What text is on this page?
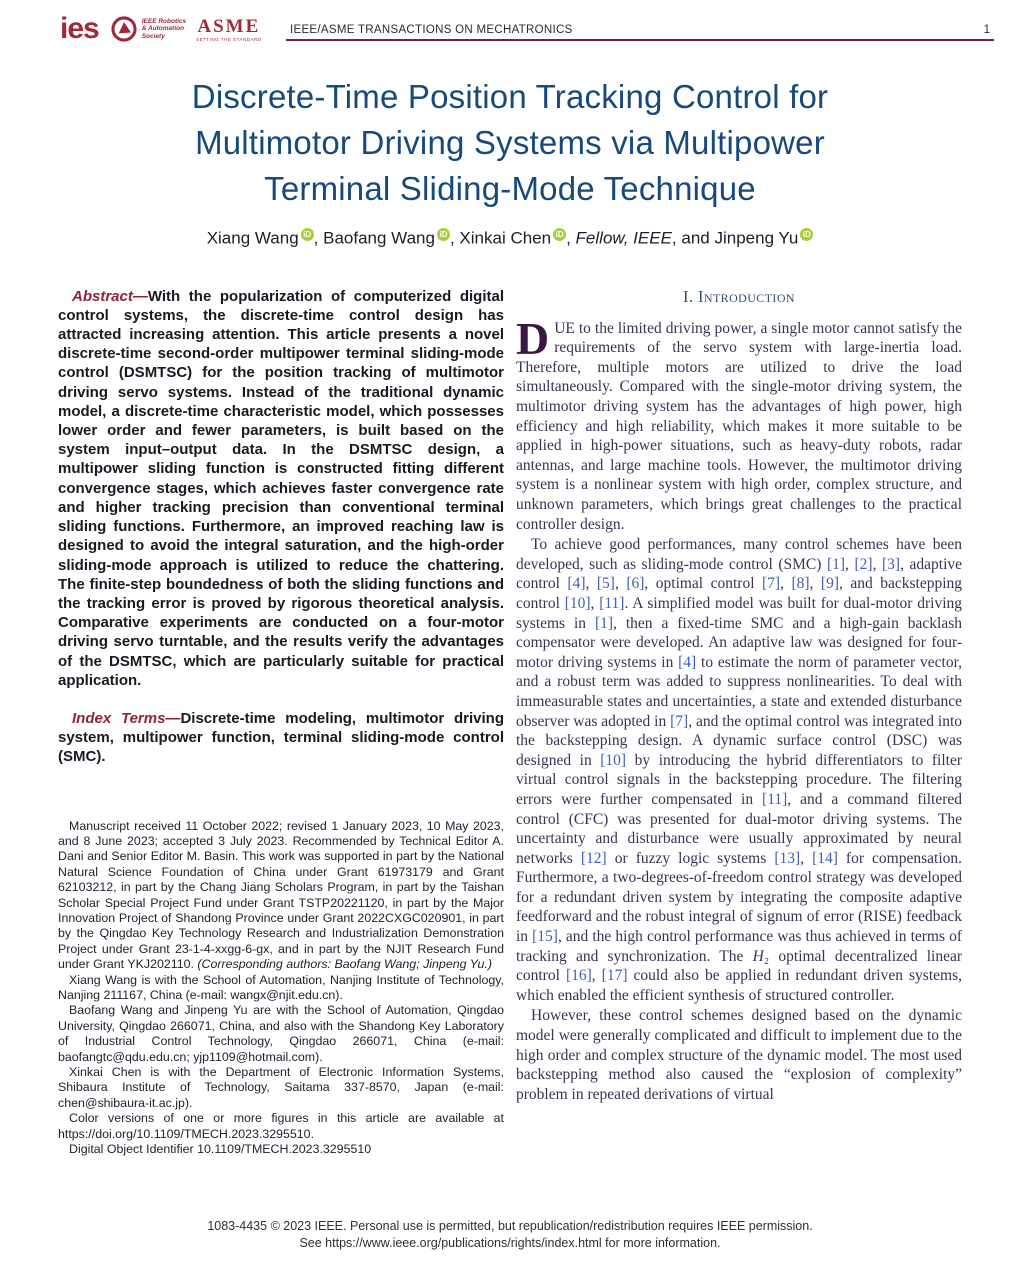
ies	IEEE Robotics
& Automation
Society	ASME
SETTING THE STANDARD
IEEE/ASME TRANSACTIONS ON MECHATRONICS	1
Discrete-Time Position Tracking Control for
Multimotor Driving Systems via Multipower
Terminal Sliding-Mode Technique
Xiang Wang iD , Baofang Wang iD , Xinkai Chen iD , Fellow, IEEE, and Jinpeng Yu iD

Abstract—With the popularization of computerized digital control systems, the discrete-time control design has attracted increasing attention. This article presents a novel discrete-time second-order multipower terminal sliding-mode control (DSMTSC) for the position tracking of multimotor driving servo systems. Instead of the traditional dynamic model, a discrete-time characteristic model, which possesses lower order and fewer parameters, is built based on the system input–output data. In the DSMTSC design, a multipower sliding function is constructed fitting different convergence stages, which achieves faster convergence rate and higher tracking precision than conventional terminal sliding functions. Furthermore, an improved reaching law is designed to avoid the integral saturation, and the high-order sliding-mode approach is utilized to reduce the chattering. The finite-step boundedness of both the sliding functions and the tracking error is proved by rigorous theoretical analysis. Comparative experiments are conducted on a four-motor driving servo turntable, and the results verify the advantages of the DSMTSC, which are particularly suitable for practical application.

Index Terms—Discrete-time modeling, multimotor driving system, multipower function, terminal sliding-mode control (SMC).

Manuscript received 11 October 2022; revised 1 January 2023, 10 May 2023, and 8 June 2023; accepted 3 July 2023. Recommended by Technical Editor A. Dani and Senior Editor M. Basin. This work was supported in part by the National Natural Science Foundation of China under Grant 61973179 and Grant 62103212, in part by the Chang Jiang Scholars Program, in part by the Taishan Scholar Special Project Fund under Grant TSTP20221120, in part by the Major Innovation Project of Shandong Province under Grant 2022CXGC020901, in part by the Qingdao Key Technology Research and Industrialization Demonstration Project under Grant 23-1-4-xxgg-6-gx, and in part by the NJIT Research Fund under Grant YKJ202110. (Corresponding authors: Baofang Wang; Jinpeng Yu.)

Xiang Wang is with the School of Automation, Nanjing Institute of Technology, Nanjing 211167, China (e-mail: wangx@njit.edu.cn).

Baofang Wang and Jinpeng Yu are with the School of Automation, Qingdao University, Qingdao 266071, China, and also with the Shandong Key Laboratory of Industrial Control Technology, Qingdao 266071, China (e-mail: baofangtc@qdu.edu.cn; yjp1109@hotmail.com).

Xinkai Chen is with the Department of Electronic Information Systems, Shibaura Institute of Technology, Saitama 337-8570, Japan (e-mail: chen@shibaura-it.ac.jp).

Color versions of one or more figures in this article are available at https://doi.org/10.1109/TMECH.2023.3295510.

Digital Object Identifier 10.1109/TMECH.2023.3295510

I. Introduction

DUE to the limited driving power, a single motor cannot satisfy the requirements of the servo system with large-inertia load. Therefore, multiple motors are utilized to drive the load simultaneously. Compared with the single-motor driving system, the multimotor driving system has the advantages of high power, high efficiency and high reliability, which makes it more suitable to be applied in high-power situations, such as heavy-duty robots, radar antennas, and large machine tools. However, the multimotor driving system is a nonlinear system with high order, complex structure, and unknown parameters, which brings great challenges to the practical controller design.

To achieve good performances, many control schemes have been developed, such as sliding-mode control (SMC) [1], [2], [3], adaptive control [4], [5], [6], optimal control [7], [8], [9], and backstepping control [10], [11]. A simplified model was built for dual-motor driving systems in [1], then a fixed-time SMC and a high-gain backlash compensator were developed. An adaptive law was designed for four-motor driving systems in [4] to estimate the norm of parameter vector, and a robust term was added to suppress nonlinearities. To deal with immeasurable states and uncertainties, a state and extended disturbance observer was adopted in [7], and the optimal control was integrated into the backstepping design. A dynamic surface control (DSC) was designed in [10] by introducing the hybrid differentiators to filter virtual control signals in the backstepping procedure. The filtering errors were further compensated in [11], and a command filtered control (CFC) was presented for dual-motor driving systems. The uncertainty and disturbance were usually approximated by neural networks [12] or fuzzy logic systems [13], [14] for compensation. Furthermore, a two-degrees-of-freedom control strategy was developed for a redundant driven system by integrating the composite adaptive feedforward and the robust integral of signum of error (RISE) feedback in [15], and the high control performance was thus achieved in terms of tracking and synchronization. The H₂ optimal decentralized linear control [16], [17] could also be applied in redundant driven systems, which enabled the efficient synthesis of structured controller.

However, these control schemes designed based on the dynamic model were generally complicated and difficult to implement due to the high order and complex structure of the dynamic model. The most used backstepping method also caused the “explosion of complexity” problem in repeated derivations of virtual

1083-4435 © 2023 IEEE. Personal use is permitted, but republication/redistribution requires IEEE permission.
See https://www.ieee.org/publications/rights/index.html for more information.
